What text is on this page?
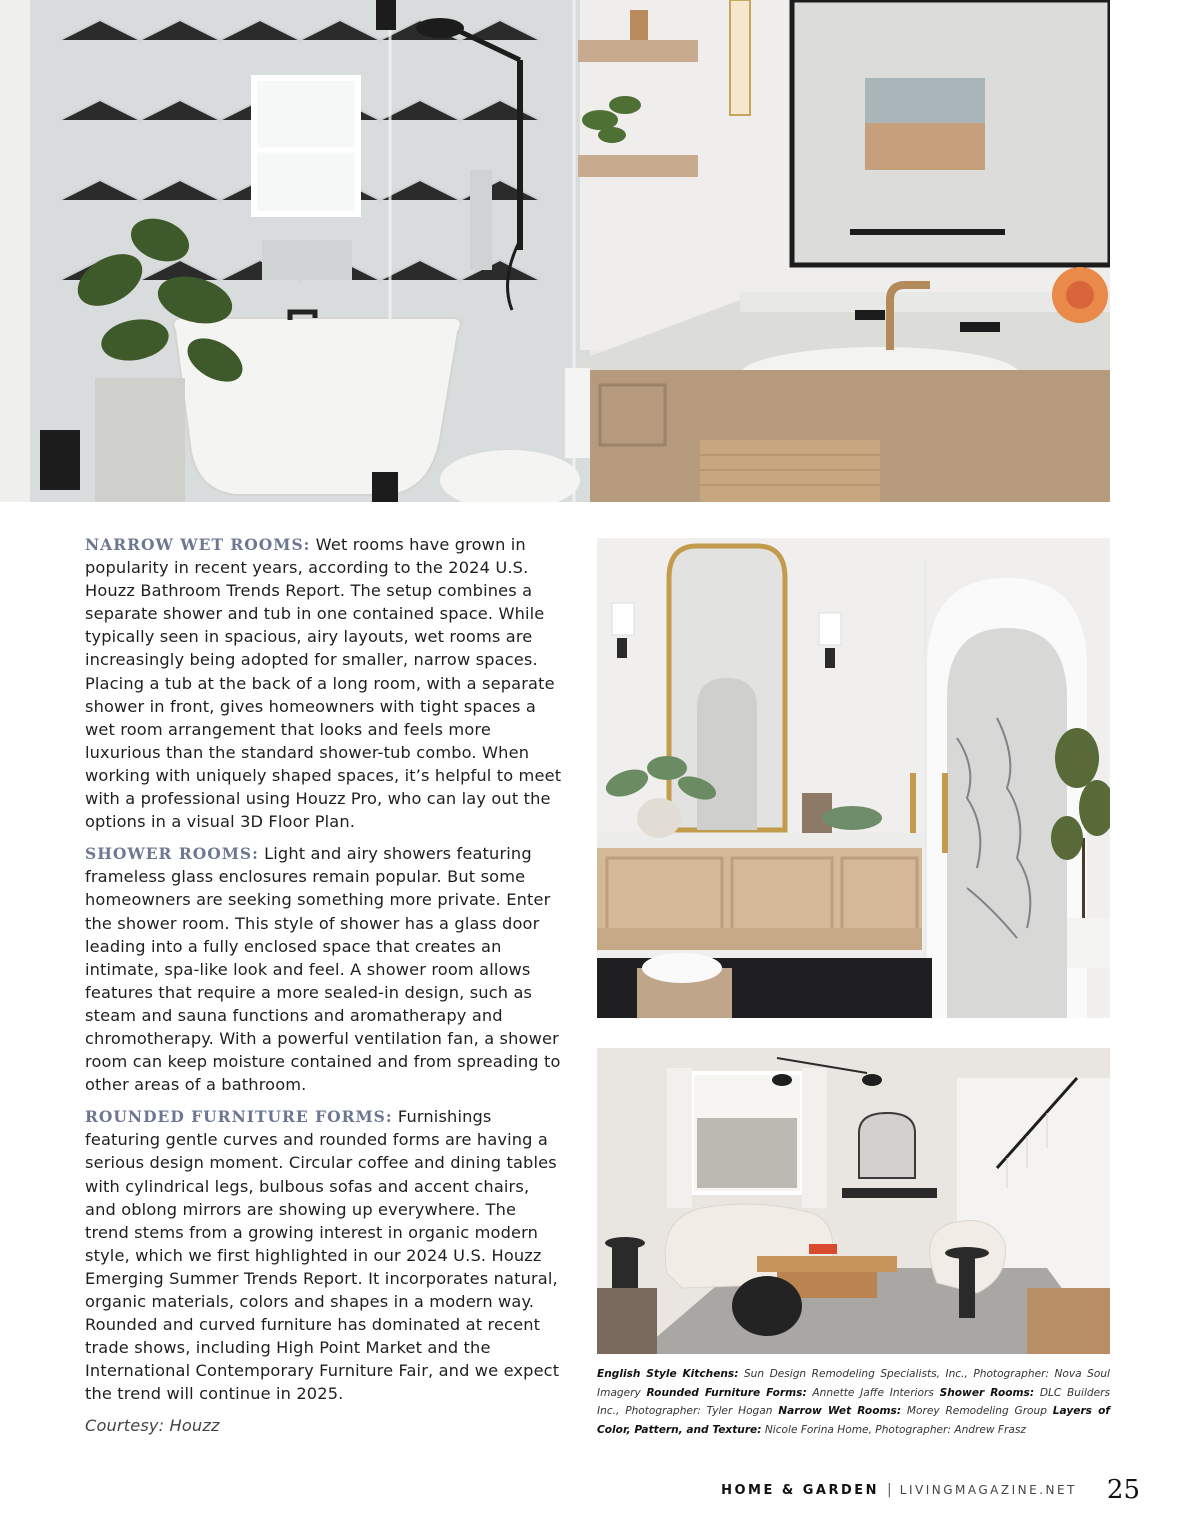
NARROW WET ROOMS: Wet rooms have grown in popularity in recent years, according to the 2024 U.S. Houzz Bathroom Trends Report. The setup combines a separate shower and tub in one contained space. While typically seen in spacious, airy layouts, wet rooms are increasingly being adopted for smaller, narrow spaces. Placing a tub at the back of a long room, with a separate shower in front, gives homeowners with tight spaces a wet room arrangement that looks and feels more luxurious than the standard shower-tub combo. When working with uniquely shaped spaces, it’s helpful to meet with a professional using Houzz Pro, who can lay out the options in a visual 3D Floor Plan.

SHOWER ROOMS: Light and airy showers featuring frameless glass enclosures remain popular. But some homeowners are seeking something more private. Enter the shower room. This style of shower has a glass door leading into a fully enclosed space that creates an intimate, spa-like look and feel. A shower room allows features that require a more sealed-in design, such as steam and sauna functions and aromatherapy and chromotherapy. With a powerful ventilation fan, a shower room can keep moisture contained and from spreading to other areas of a bathroom.

ROUNDED FURNITURE FORMS: Furnishings featuring gentle curves and rounded forms are having a serious design moment. Circular coffee and dining tables with cylindrical legs, bulbous sofas and accent chairs, and oblong mirrors are showing up everywhere. The trend stems from a growing interest in organic modern style, which we first highlighted in our 2024 U.S. Houzz Emerging Summer Trends Report. It incorporates natural, organic materials, colors and shapes in a modern way. Rounded and curved furniture has dominated at recent trade shows, including High Point Market and the International Contemporary Furniture Fair, and we expect the trend will continue in 2025.

Courtesy: Houzz

English Style Kitchens: Sun Design Remodeling Specialists, Inc., Photographer: Nova Soul Imagery Rounded Furniture Forms: Annette Jaffe Interiors Shower Rooms: DLC Builders Inc., Photographer: Tyler Hogan Narrow Wet Rooms: Morey Remodeling Group Layers of Color, Pattern, and Texture: Nicole Forina Home, Photographer: Andrew Frasz
HOME & GARDEN | LIVINGMAGAZINE.NET 25
